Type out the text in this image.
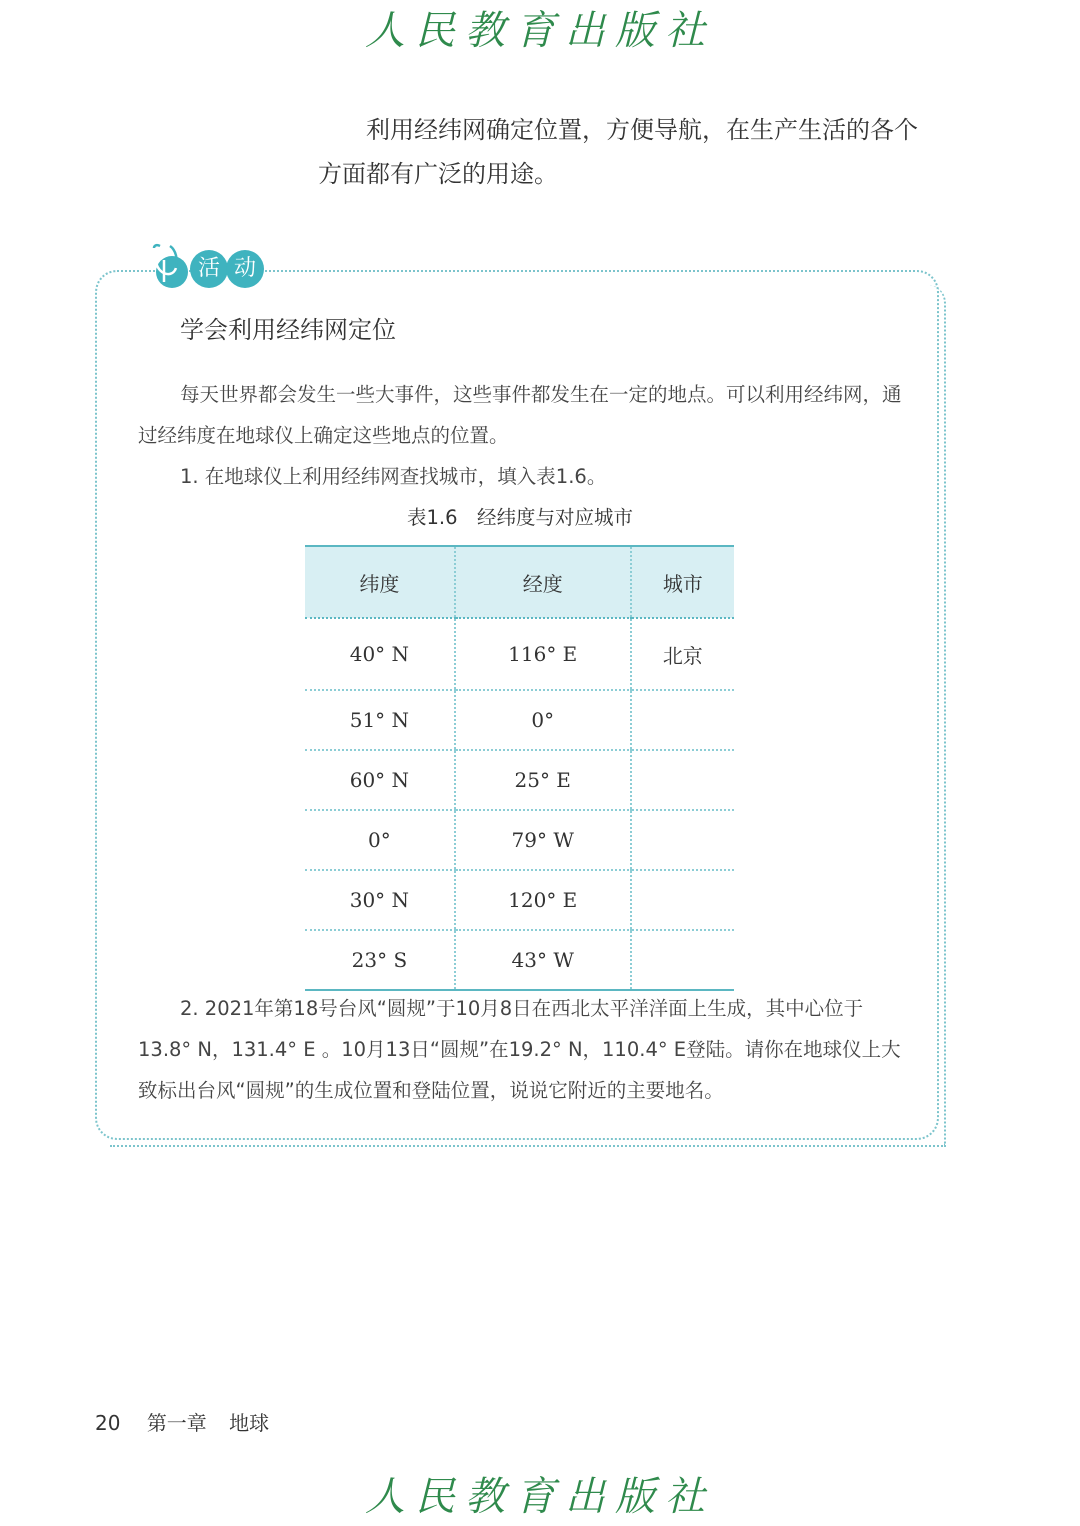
人民教育出版社
利用经纬网确定位置，方便导航，在生产生活的各个
方面都有广泛的用途。
活 动
学会利用经纬网定位
每天世界都会发生一些大事件，这些事件都发生在一定的地点。可以利用经纬网，通过经纬度在地球仪上确定这些地点的位置。
1. 在地球仪上利用经纬网查找城市，填入表1.6。
表1.6　经纬度与对应城市
纬度	经度	城市
40° N	116° E	北京
51° N	0°	
60° N	25° E	
0°	79° W	
30° N	120° E	
23° S	43° W	
2. 2021年第18号台风“圆规”于10月8日在西北太平洋洋面上生成，其中心位于13.8° N，131.4° E 。10月13日“圆规”在19.2° N，110.4° E登陆。请你在地球仪上大致标出台风“圆规”的生成位置和登陆位置，说说它附近的主要地名。
20 第一章 地球
人民教育出版社
